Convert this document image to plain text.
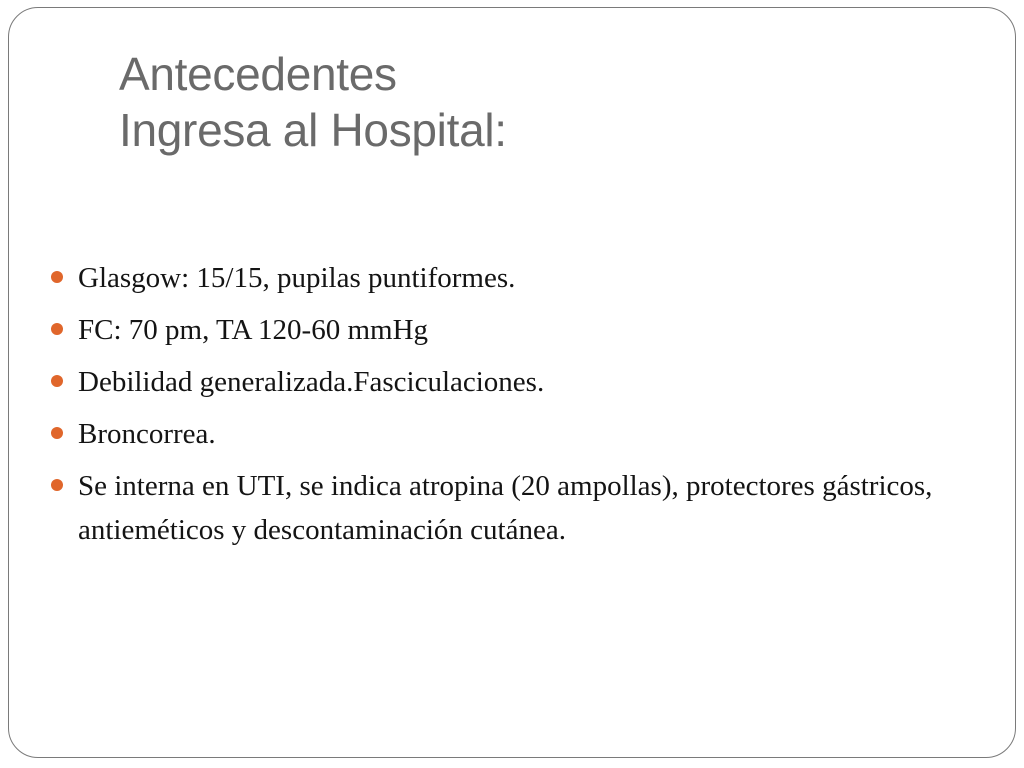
Antecedentes
Ingresa al Hospital:
Glasgow: 15/15, pupilas puntiformes.
FC: 70 pm, TA 120-60 mmHg
Debilidad generalizada.Fasciculaciones.
Broncorrea.
Se interna en UTI, se indica atropina (20 ampollas), protectores gástricos, antieméticos y descontaminación cutánea.
